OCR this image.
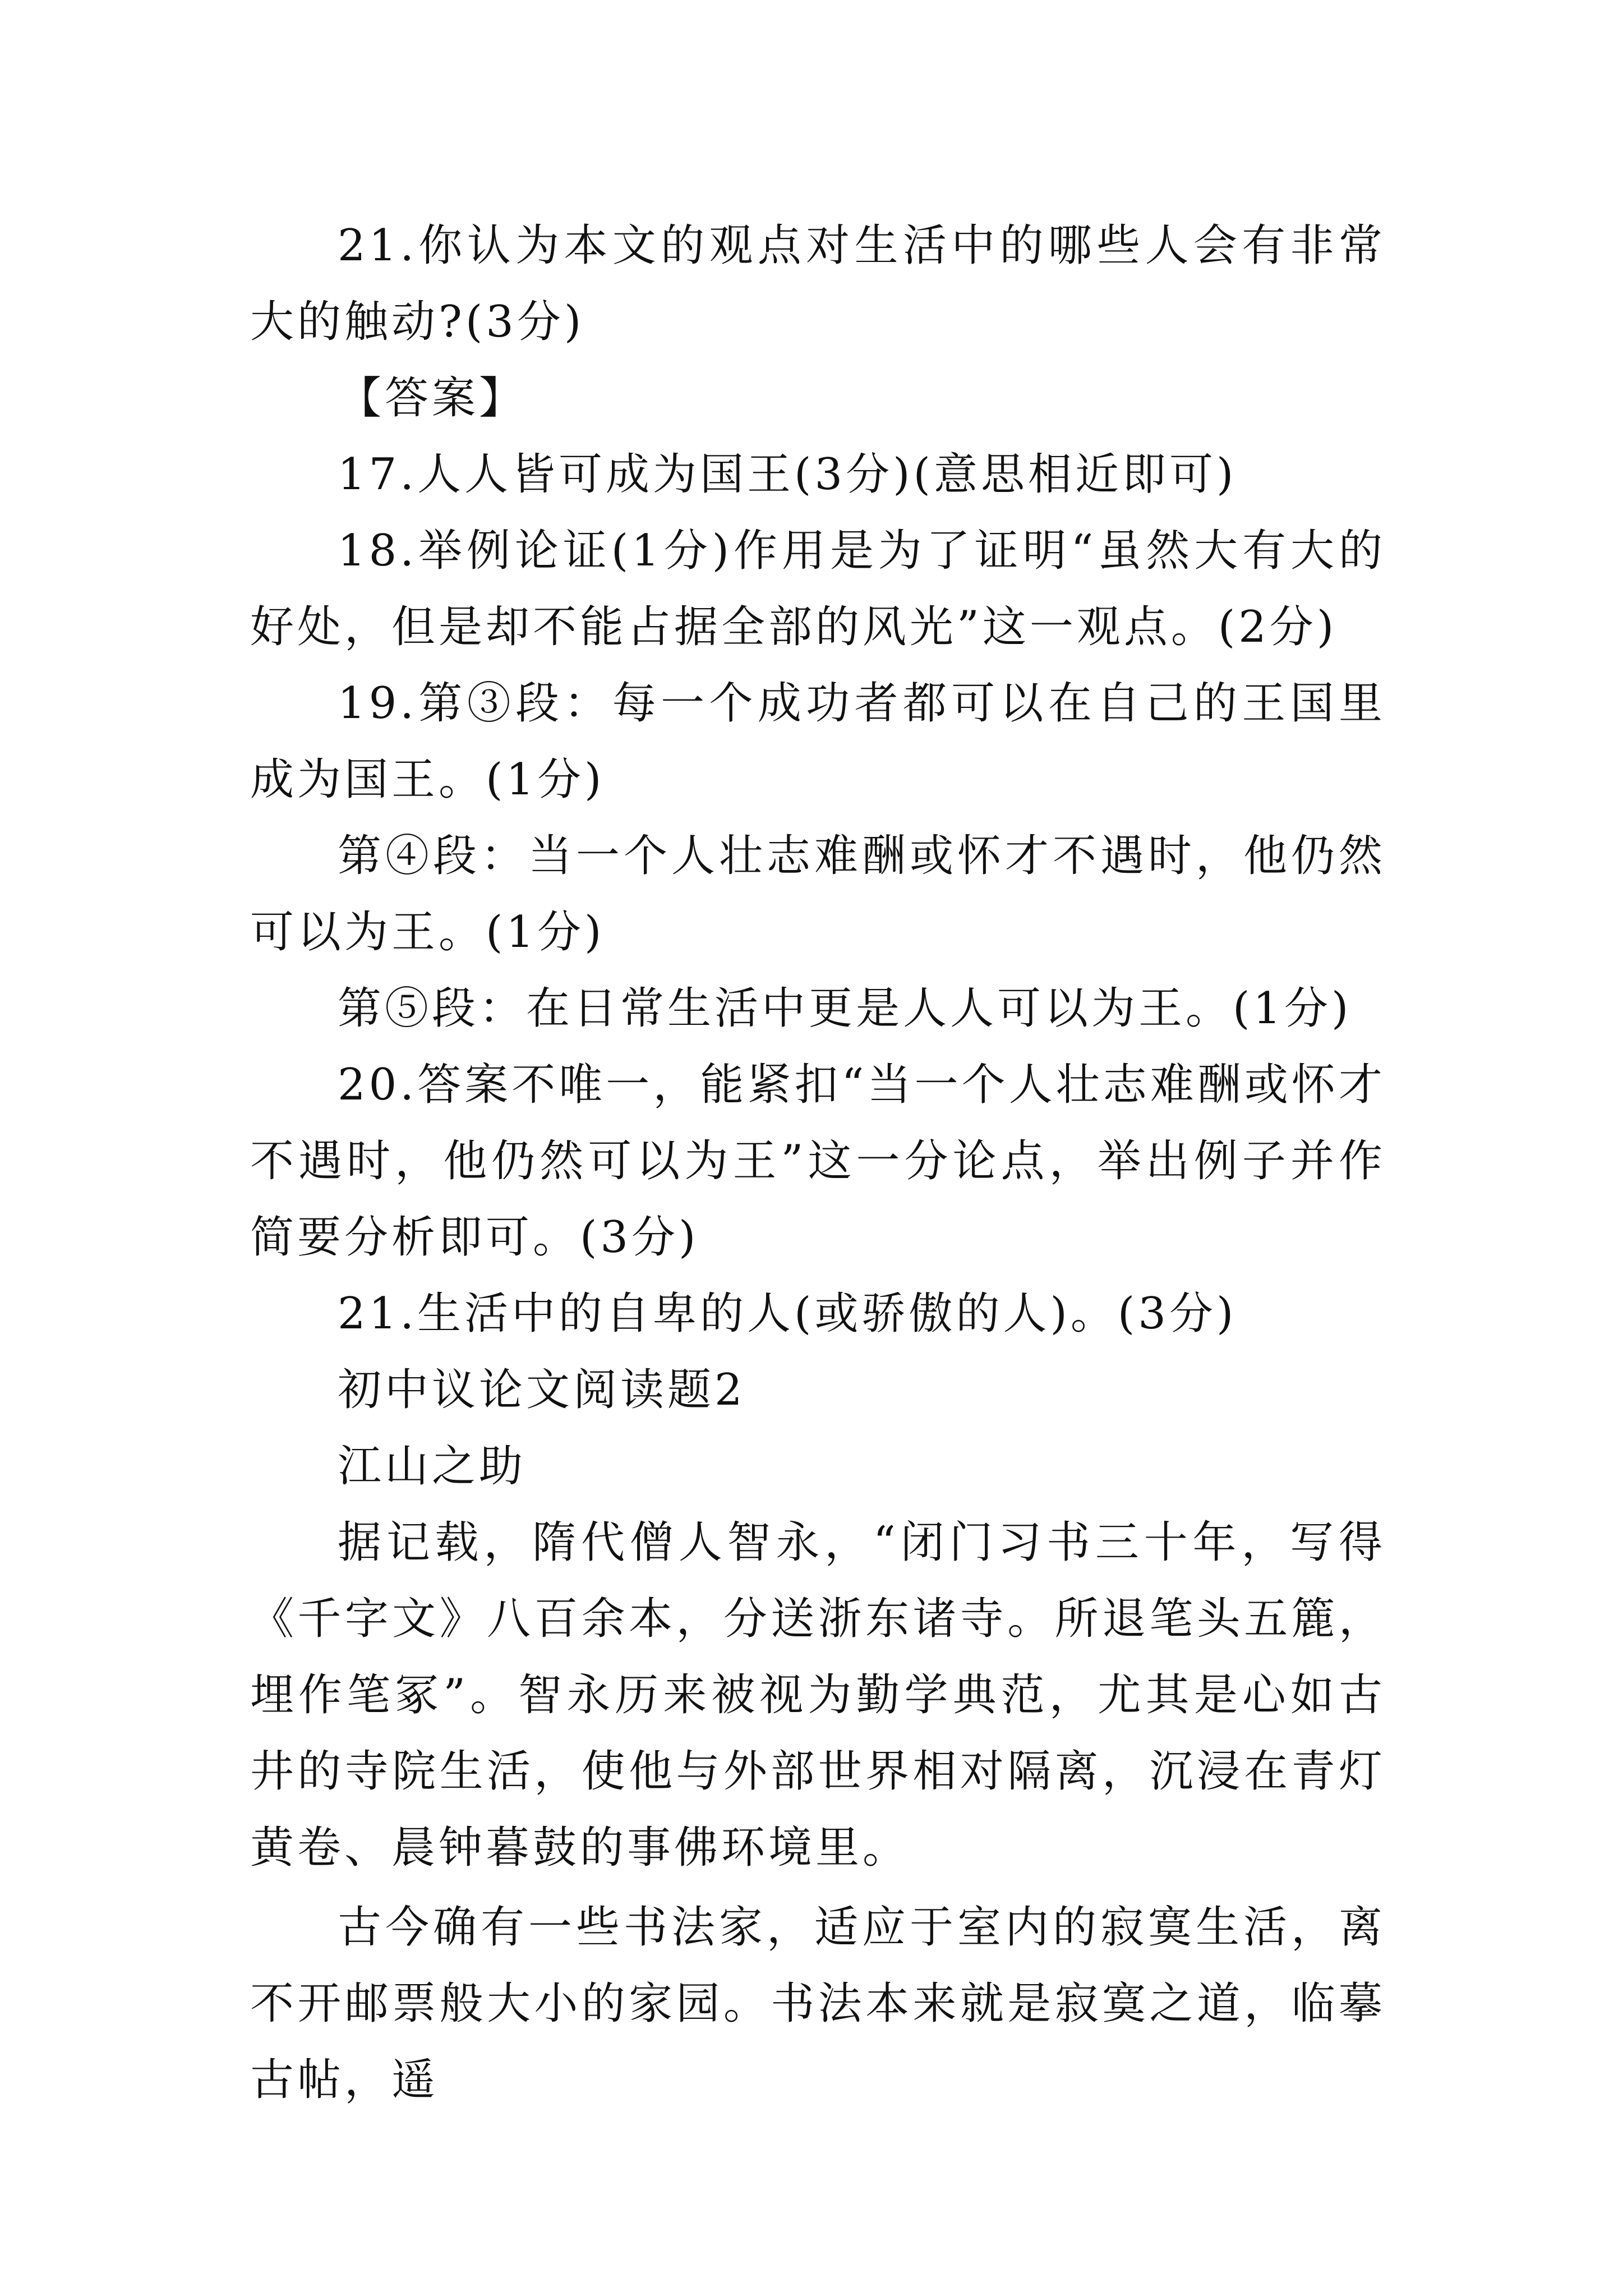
21.你认为本文的观点对生活中的哪些人会有非常大的触动?(3分)

【答案】

17.人人皆可成为国王(3分)(意思相近即可)

18.举例论证(1分)作用是为了证明“虽然大有大的好处，但是却不能占据全部的风光”这一观点。(2分)

19.第③段：每一个成功者都可以在自己的王国里成为国王。(1分)

第④段：当一个人壮志难酬或怀才不遇时，他仍然可以为王。(1分)

第⑤段：在日常生活中更是人人可以为王。(1分)

20.答案不唯一，能紧扣“当一个人壮志难酬或怀才不遇时，他仍然可以为王”这一分论点，举出例子并作简要分析即可。(3分)

21.生活中的自卑的人(或骄傲的人)。(3分)

初中议论文阅读题2

江山之助

据记载，隋代僧人智永，“闭门习书三十年，写得《千字文》八百余本，分送浙东诸寺。所退笔头五簏，埋作笔冢”。智永历来被视为勤学典范，尤其是心如古井的寺院生活，使他与外部世界相对隔离，沉浸在青灯黄卷、晨钟暮鼓的事佛环境里。

古今确有一些书法家，适应于室内的寂寞生活，离不开邮票般大小的家园。书法本来就是寂寞之道，临摹古帖，遥
